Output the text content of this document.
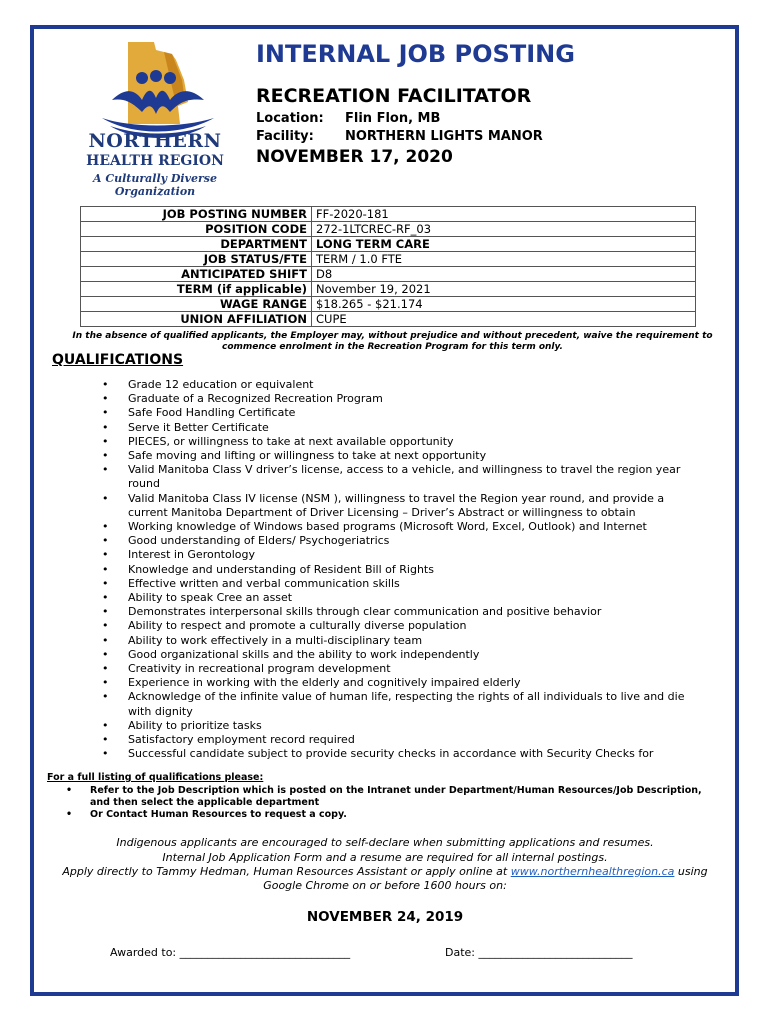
NORTHERN
HEALTH REGION
A Culturally Diverse
Organization
INTERNAL JOB POSTING
RECREATION FACILITATOR
Location: Flin Flon, MB
Facility: NORTHERN LIGHTS MANOR
NOVEMBER 17, 2020
JOB POSTING NUMBER	FF-2020-181
POSITION CODE	272-1LTCREC-RF_03
DEPARTMENT	LONG TERM CARE
JOB STATUS/FTE	TERM / 1.0 FTE
ANTICIPATED SHIFT	D8
TERM (if applicable)	November 19, 2021
WAGE RANGE	$18.265 - $21.174
UNION AFFILIATION	CUPE
In the absence of qualified applicants, the Employer may, without prejudice and without precedent, waive the requirement to
commence enrolment in the Recreation Program for this term only.
QUALIFICATIONS
• Grade 12 education or equivalent
• Graduate of a Recognized Recreation Program
• Safe Food Handling Certificate
• Serve it Better Certificate
• PIECES, or willingness to take at next available opportunity
• Safe moving and lifting or willingness to take at next opportunity
• Valid Manitoba Class V driver’s license, access to a vehicle, and willingness to travel the region year round
• Valid Manitoba Class IV license (NSM ), willingness to travel the Region year round, and provide a current Manitoba Department of Driver Licensing – Driver’s Abstract or willingness to obtain
• Working knowledge of Windows based programs (Microsoft Word, Excel, Outlook) and Internet
• Good understanding of Elders/ Psychogeriatrics
• Interest in Gerontology
• Knowledge and understanding of Resident Bill of Rights
• Effective written and verbal communication skills
• Ability to speak Cree an asset
• Demonstrates interpersonal skills through clear communication and positive behavior
• Ability to respect and promote a culturally diverse population
• Ability to work effectively in a multi-disciplinary team
• Good organizational skills and the ability to work independently
• Creativity in recreational program development
• Experience in working with the elderly and cognitively impaired elderly
• Acknowledge of the infinite value of human life, respecting the rights of all individuals to live and die with dignity
• Ability to prioritize tasks
• Satisfactory employment record required
• Successful candidate subject to provide security checks in accordance with Security Checks for
For a full listing of qualifications please:
• Refer to the Job Description which is posted on the Intranet under Department/Human Resources/Job Description, and then select the applicable department
• Or Contact Human Resources to request a copy.
Indigenous applicants are encouraged to self-declare when submitting applications and resumes.
Internal Job Application Form and a resume are required for all internal postings.
Apply directly to Tammy Hedman, Human Resources Assistant or apply online at www.northernhealthregion.ca using
Google Chrome on or before 1600 hours on:
NOVEMBER 24, 2019
Awarded to: _______________________________	Date: ____________________________
